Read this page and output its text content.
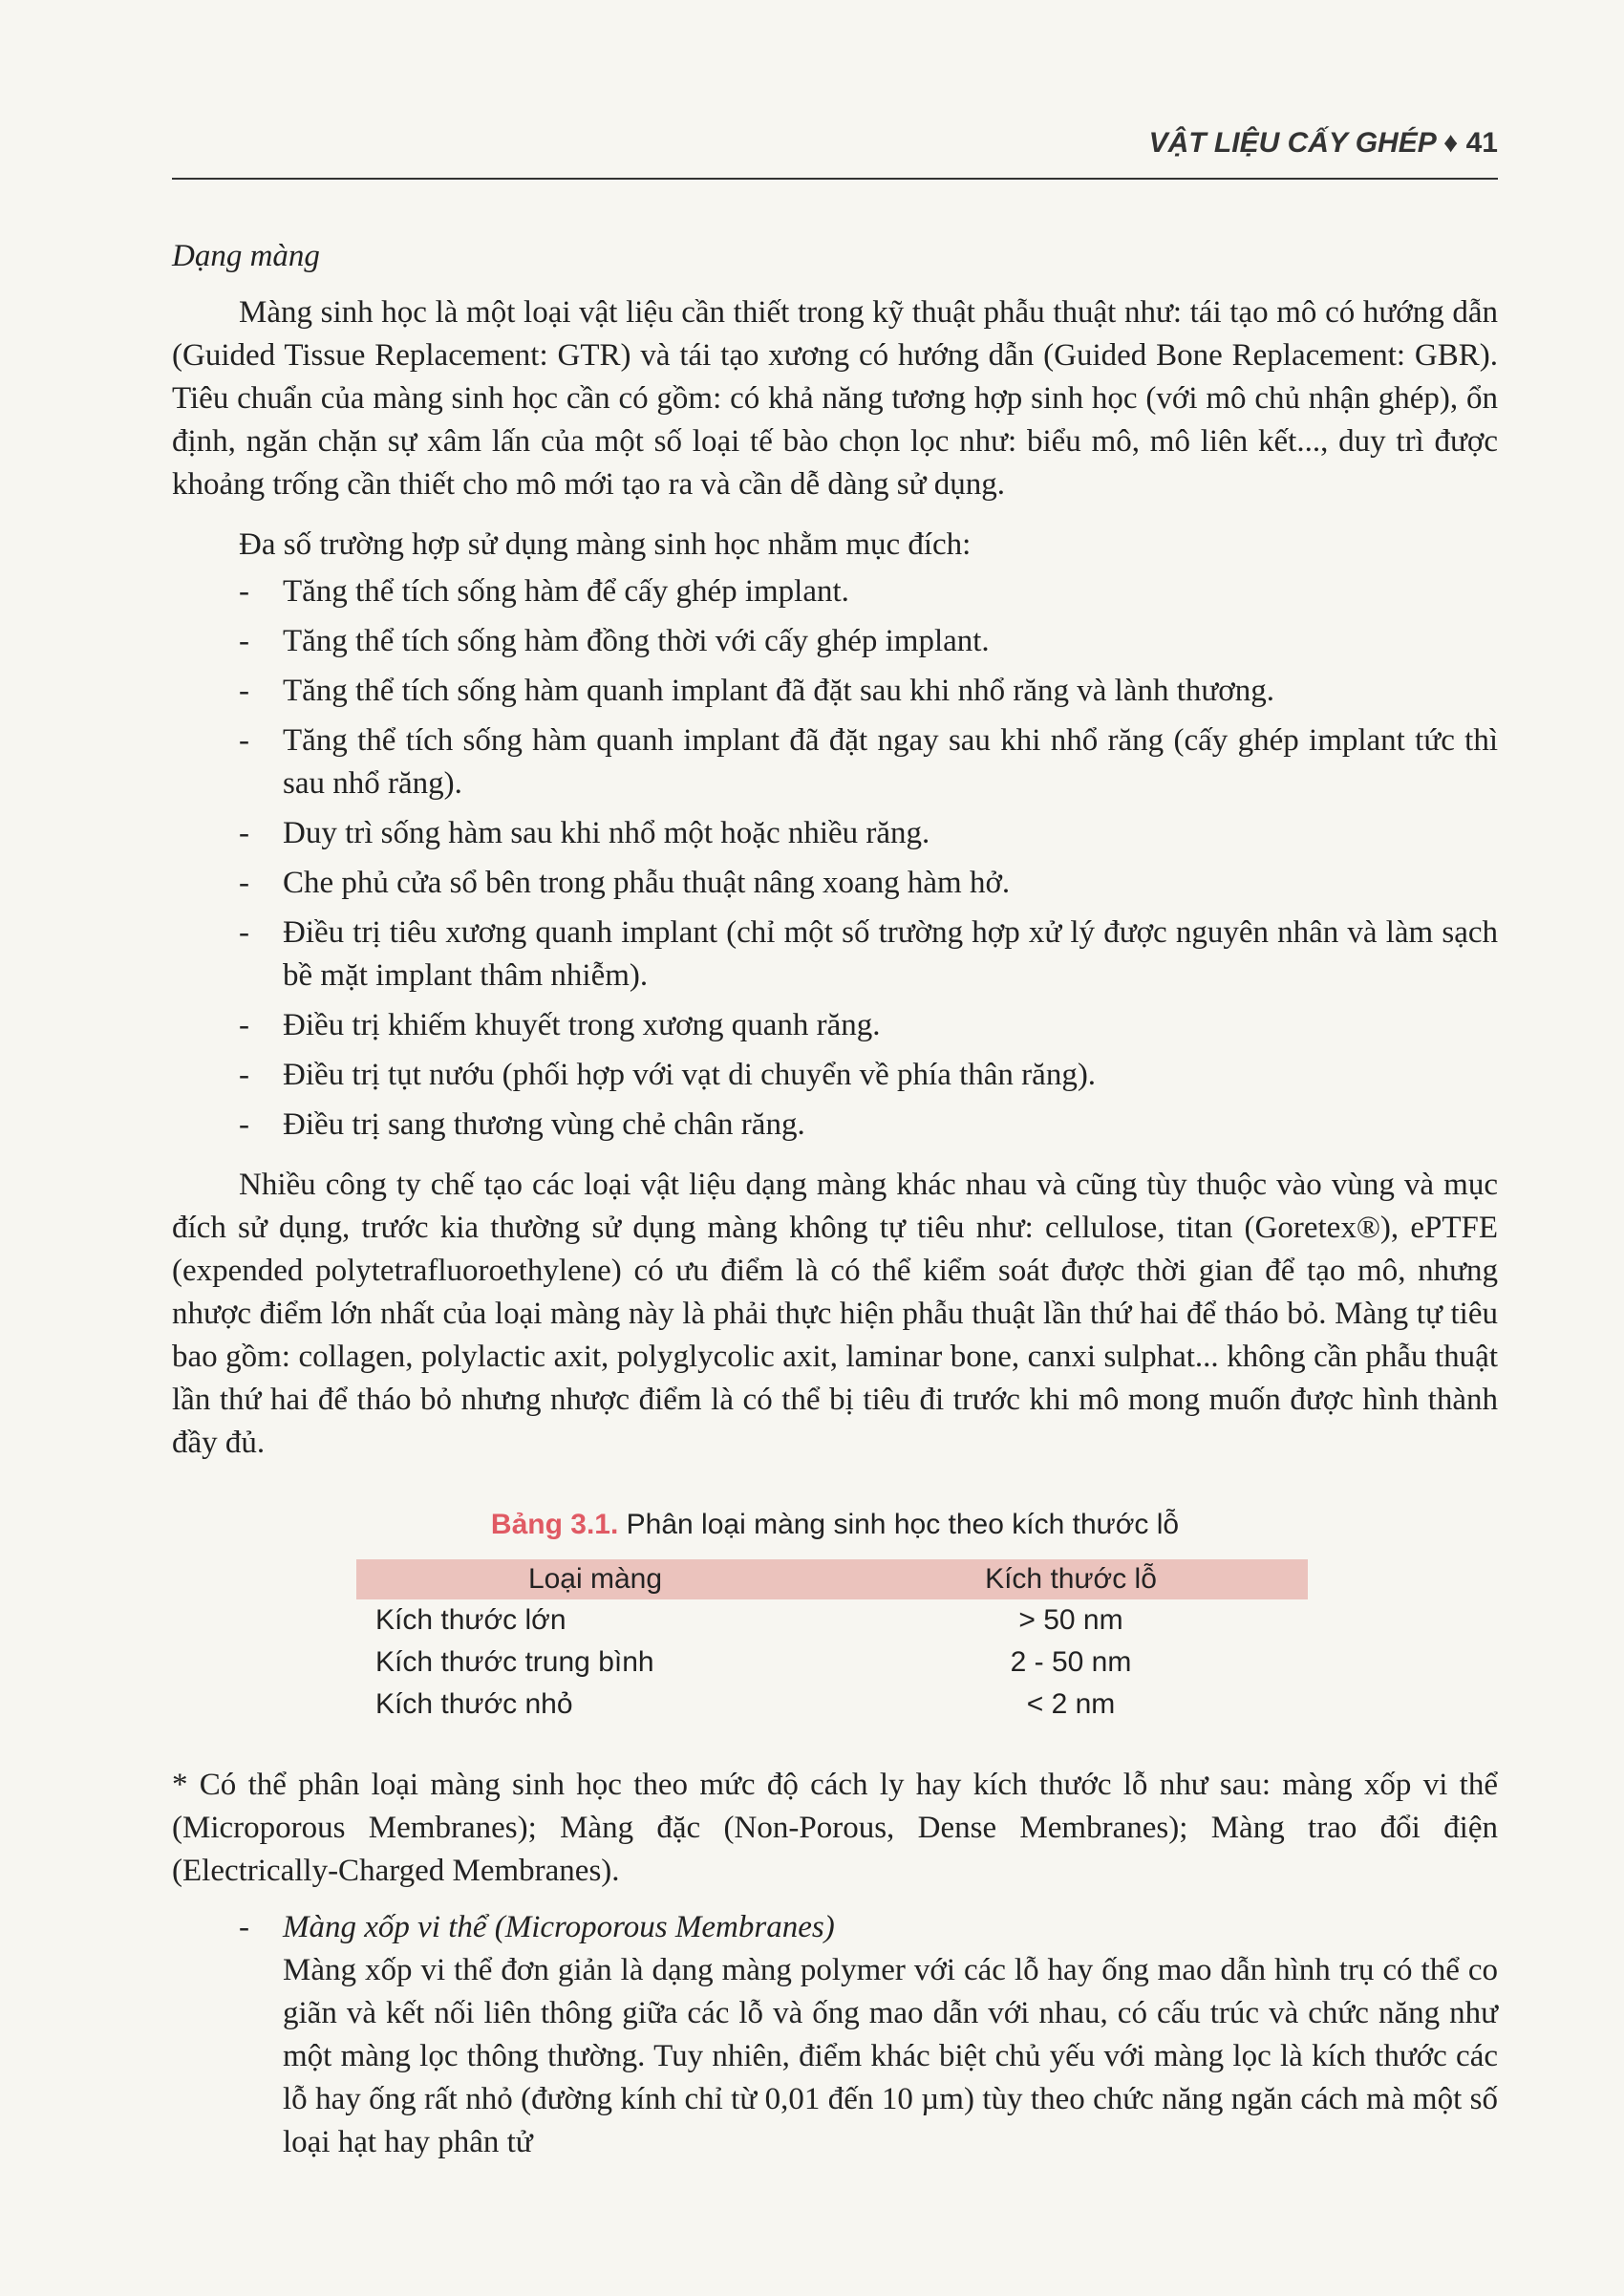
VẬT LIỆU CẤY GHÉP ♦ 41
Dạng màng

Màng sinh học là một loại vật liệu cần thiết trong kỹ thuật phẫu thuật như: tái tạo mô có hướng dẫn (Guided Tissue Replacement: GTR) và tái tạo xương có hướng dẫn (Guided Bone Replacement: GBR). Tiêu chuẩn của màng sinh học cần có gồm: có khả năng tương hợp sinh học (với mô chủ nhận ghép), ổn định, ngăn chặn sự xâm lấn của một số loại tế bào chọn lọc như: biểu mô, mô liên kết..., duy trì được khoảng trống cần thiết cho mô mới tạo ra và cần dễ dàng sử dụng.

Đa số trường hợp sử dụng màng sinh học nhằm mục đích:

- Tăng thể tích sống hàm để cấy ghép implant.
- Tăng thể tích sống hàm đồng thời với cấy ghép implant.
- Tăng thể tích sống hàm quanh implant đã đặt sau khi nhổ răng và lành thương.
- Tăng thể tích sống hàm quanh implant đã đặt ngay sau khi nhổ răng (cấy ghép implant tức thì sau nhổ răng).
- Duy trì sống hàm sau khi nhổ một hoặc nhiều răng.
- Che phủ cửa sổ bên trong phẫu thuật nâng xoang hàm hở.
- Điều trị tiêu xương quanh implant (chỉ một số trường hợp xử lý được nguyên nhân và làm sạch bề mặt implant thâm nhiễm).
- Điều trị khiếm khuyết trong xương quanh răng.
- Điều trị tụt nướu (phối hợp với vạt di chuyển về phía thân răng).
- Điều trị sang thương vùng chẻ chân răng.

Nhiều công ty chế tạo các loại vật liệu dạng màng khác nhau và cũng tùy thuộc vào vùng và mục đích sử dụng, trước kia thường sử dụng màng không tự tiêu như: cellulose, titan (Goretex®), ePTFE (expended polytetrafluoroethylene) có ưu điểm là có thể kiểm soát được thời gian để tạo mô, nhưng nhược điểm lớn nhất của loại màng này là phải thực hiện phẫu thuật lần thứ hai để tháo bỏ. Màng tự tiêu bao gồm: collagen, polylactic axit, polyglycolic axit, laminar bone, canxi sulphat... không cần phẫu thuật lần thứ hai để tháo bỏ nhưng nhược điểm là có thể bị tiêu đi trước khi mô mong muốn được hình thành đầy đủ.

Bảng 3.1. Phân loại màng sinh học theo kích thước lỗ
Loại màng	Kích thước lỗ
Kích thước lớn	> 50 nm
Kích thước trung bình	2 - 50 nm
Kích thước nhỏ	< 2 nm

* Có thể phân loại màng sinh học theo mức độ cách ly hay kích thước lỗ như sau: màng xốp vi thể (Microporous Membranes); Màng đặc (Non-Porous, Dense Membranes); Màng trao đổi điện (Electrically-Charged Membranes).

- Màng xốp vi thể (Microporous Membranes)

Màng xốp vi thể đơn giản là dạng màng polymer với các lỗ hay ống mao dẫn hình trụ có thể co giãn và kết nối liên thông giữa các lỗ và ống mao dẫn với nhau, có cấu trúc và chức năng như một màng lọc thông thường. Tuy nhiên, điểm khác biệt chủ yếu với màng lọc là kích thước các lỗ hay ống rất nhỏ (đường kính chỉ từ 0,01 đến 10 µm) tùy theo chức năng ngăn cách mà một số loại hạt hay phân tử
